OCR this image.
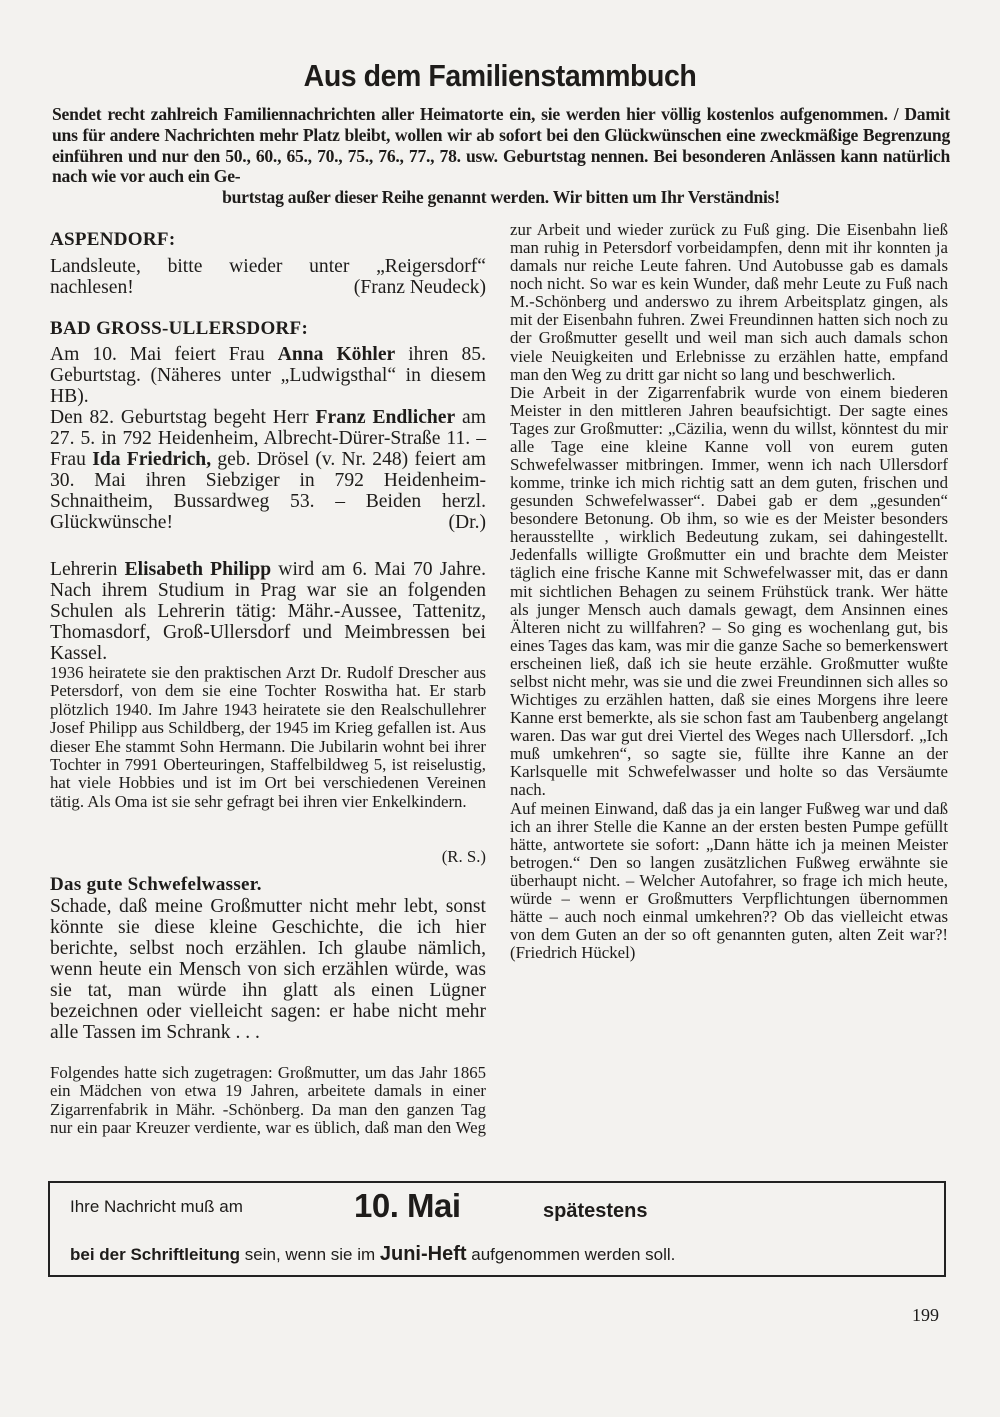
Aus dem Familienstammbuch
Sendet recht zahlreich Familiennachrichten aller Heimatorte ein, sie werden hier völlig kostenlos aufgenommen. / Damit uns für andere Nachrichten mehr Platz bleibt, wollen wir ab sofort bei den Glückwünschen eine zweckmäßige Begrenzung einführen und nur den 50., 60., 65., 70., 75., 76., 77., 78. usw. Geburtstag nennen. Bei besonderen Anlässen kann natürlich nach wie vor auch ein Ge-
burtstag außer dieser Reihe genannt werden. Wir bitten um Ihr Verständnis!
ASPENDORF:
Landsleute, bitte wieder unter „Reigersdorf“ nachlesen!	(Franz Neudeck)
BAD GROSS-ULLERSDORF:
Am 10. Mai feiert Frau Anna Köhler ihren 85. Geburtstag. (Näheres unter „Ludwigsthal“ in diesem HB).
Den 82. Geburtstag begeht Herr Franz Endlicher am 27. 5. in 792 Heidenheim, Albrecht-Dürer-Straße 11. – Frau Ida Friedrich, geb. Drösel (v. Nr. 248) feiert am 30. Mai ihren Siebziger in 792 Heidenheim-Schnaitheim, Bussardweg 53. – Beiden herzl. Glückwünsche!	(Dr.)
Lehrerin Elisabeth Philipp wird am 6. Mai 70 Jahre. Nach ihrem Studium in Prag war sie an folgenden Schulen als Lehrerin tätig: Mähr.-Aussee, Tattenitz, Thomasdorf, Groß-Ullersdorf und Meimbressen bei Kassel.
1936 heiratete sie den praktischen Arzt Dr. Rudolf Drescher aus Petersdorf, von dem sie eine Tochter Roswitha hat. Er starb plötzlich 1940. Im Jahre 1943 heiratete sie den Realschullehrer Josef Philipp aus Schildberg, der 1945 im Krieg gefallen ist. Aus dieser Ehe stammt Sohn Hermann. Die Jubilarin wohnt bei ihrer Tochter in 7991 Oberteuringen, Staffelbildweg 5, ist reiselustig, hat viele Hobbies und ist im Ort bei verschiedenen Vereinen tätig. Als Oma ist sie sehr gefragt bei ihren vier Enkelkindern.
(R. S.)
Das gute Schwefelwasser.
Schade, daß meine Großmutter nicht mehr lebt, sonst könnte sie diese kleine Geschichte, die ich hier berichte, selbst noch erzählen. Ich glaube nämlich, wenn heute ein Mensch von sich erzählen würde, was sie tat, man würde ihn glatt als einen Lügner bezeichnen oder vielleicht sagen: er habe nicht mehr alle Tassen im Schrank . . .
Folgendes hatte sich zugetragen: Großmutter, um das Jahr 1865 ein Mädchen von etwa 19 Jahren, arbeitete damals in einer Zigarrenfabrik in Mähr. -Schönberg. Da man den ganzen Tag nur ein paar Kreuzer verdiente, war es üblich, daß man den Weg
zur Arbeit und wieder zurück zu Fuß ging. Die Eisenbahn ließ man ruhig in Petersdorf vorbeidampfen, denn mit ihr konnten ja damals nur reiche Leute fahren. Und Autobusse gab es damals noch nicht. So war es kein Wunder, daß mehr Leute zu Fuß nach M.-Schönberg und anderswo zu ihrem Arbeitsplatz gingen, als mit der Eisenbahn fuhren. Zwei Freundinnen hatten sich noch zu der Großmutter gesellt und weil man sich auch damals schon viele Neuigkeiten und Erlebnisse zu erzählen hatte, empfand man den Weg zu dritt gar nicht so lang und beschwerlich.
Die Arbeit in der Zigarrenfabrik wurde von einem biederen Meister in den mittleren Jahren beaufsichtigt. Der sagte eines Tages zur Großmutter: „Cäzilia, wenn du willst, könntest du mir alle Tage eine kleine Kanne voll von eurem guten Schwefelwasser mitbringen. Immer, wenn ich nach Ullersdorf komme, trinke ich mich richtig satt an dem guten, frischen und gesunden Schwefelwasser“. Dabei gab er dem „gesunden“ besondere Betonung. Ob ihm, so wie es der Meister besonders herausstellte , wirklich Bedeutung zukam, sei dahingestellt. Jedenfalls willigte Großmutter ein und brachte dem Meister täglich eine frische Kanne mit Schwefelwasser mit, das er dann mit sichtlichen Behagen zu seinem Frühstück trank. Wer hätte als junger Mensch auch damals gewagt, dem Ansinnen eines Älteren nicht zu willfahren? – So ging es wochenlang gut, bis eines Tages das kam, was mir die ganze Sache so bemerkenswert erscheinen ließ, daß ich sie heute erzähle. Großmutter wußte selbst nicht mehr, was sie und die zwei Freundinnen sich alles so Wichtiges zu erzählen hatten, daß sie eines Morgens ihre leere Kanne erst bemerkte, als sie schon fast am Taubenberg angelangt waren. Das war gut drei Viertel des Weges nach Ullersdorf. „Ich muß umkehren“, so sagte sie, füllte ihre Kanne an der Karlsquelle mit Schwefelwasser und holte so das Versäumte nach.
Auf meinen Einwand, daß das ja ein langer Fußweg war und daß ich an ihrer Stelle die Kanne an der ersten besten Pumpe gefüllt hätte, antwortete sie sofort: „Dann hätte ich ja meinen Meister betrogen.“ Den so langen zusätzlichen Fußweg erwähnte sie überhaupt nicht. – Welcher Autofahrer, so frage ich mich heute, würde – wenn er Großmutters Verpflichtungen übernommen hätte – auch noch einmal umkehren?? Ob das vielleicht etwas von dem Guten an der so oft genannten guten, alten Zeit war?! (Friedrich Hückel)
Ihre Nachricht muß am	10. Mai	spätestens
bei der Schriftleitung sein, wenn sie im Juni-Heft aufgenommen werden soll.
199
